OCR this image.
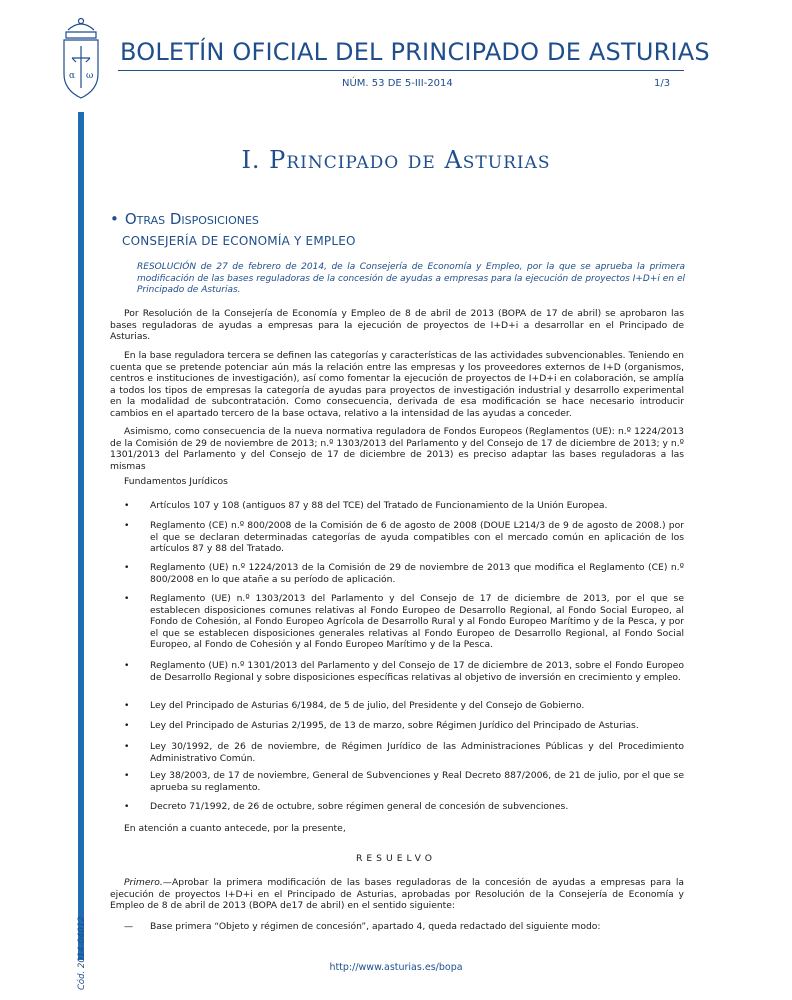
α ω
BOLETÍN OFICIAL DEL PRINCIPADO DE ASTURIAS
NÚM. 53 DE 5-III-2014	1/3
Cód. 2014-04012
I. Principado de Asturias
• Otras Disposiciones
CONSEJERÍA DE ECONOMÍA Y EMPLEO
RESOLUCIÓN de 27 de febrero de 2014, de la Consejería de Economía y Empleo, por la que se aprueba la primera modificación de las bases reguladoras de la concesión de ayudas a empresas para la ejecución de proyectos I+D+i en el Principado de Asturias.

Por Resolución de la Consejería de Economía y Empleo de 8 de abril de 2013 (BOPA de 17 de abril) se aprobaron las bases reguladoras de ayudas a empresas para la ejecución de proyectos de I+D+i a desarrollar en el Principado de Asturias.

En la base reguladora tercera se definen las categorías y características de las actividades subvencionables. Teniendo en cuenta que se pretende potenciar aún más la relación entre las empresas y los proveedores externos de I+D (organismos, centros e instituciones de investigación), así como fomentar la ejecución de proyectos de I+D+i en colaboración, se amplía a todos los tipos de empresas la categoría de ayudas para proyectos de investigación industrial y desarrollo experimental en la modalidad de subcontratación. Como consecuencia, derivada de esa modificación se hace necesario introducir cambios en el apartado tercero de la base octava, relativo a la intensidad de las ayudas a conceder.

Asimismo, como consecuencia de la nueva normativa reguladora de Fondos Europeos (Reglamentos (UE): n.º 1224/2013 de la Comisión de 29 de noviembre de 2013; n.º 1303/2013 del Parlamento y del Consejo de 17 de diciembre de 2013; y n.º 1301/2013 del Parlamento y del Consejo de 17 de diciembre de 2013) es preciso adaptar las bases reguladoras a las mismas

Fundamentos Jurídicos

• Artículos 107 y 108 (antiguos 87 y 88 del TCE) del Tratado de Funcionamiento de la Unión Europea.
• Reglamento (CE) n.º 800/2008 de la Comisión de 6 de agosto de 2008 (DOUE L214/3 de 9 de agosto de 2008.) por el que se declaran determinadas categorías de ayuda compatibles con el mercado común en aplicación de los artículos 87 y 88 del Tratado.
• Reglamento (UE) n.º 1224/2013 de la Comisión de 29 de noviembre de 2013 que modifica el Reglamento (CE) n.º 800/2008 en lo que atañe a su período de aplicación.
• Reglamento (UE) n.º 1303/2013 del Parlamento y del Consejo de 17 de diciembre de 2013, por el que se establecen disposiciones comunes relativas al Fondo Europeo de Desarrollo Regional, al Fondo Social Europeo, al Fondo de Cohesión, al Fondo Europeo Agrícola de Desarrollo Rural y al Fondo Europeo Marítimo y de la Pesca, y por el que se establecen disposiciones generales relativas al Fondo Europeo de Desarrollo Regional, al Fondo Social Europeo, al Fondo de Cohesión y al Fondo Europeo Marítimo y de la Pesca.
• Reglamento (UE) n.º 1301/2013 del Parlamento y del Consejo de 17 de diciembre de 2013, sobre el Fondo Europeo de Desarrollo Regional y sobre disposiciones específicas relativas al objetivo de inversión en crecimiento y empleo.
• Ley del Principado de Asturias 6/1984, de 5 de julio, del Presidente y del Consejo de Gobierno.
• Ley del Principado de Asturias 2/1995, de 13 de marzo, sobre Régimen Jurídico del Principado de Asturias.
• Ley 30/1992, de 26 de noviembre, de Régimen Jurídico de las Administraciones Públicas y del Procedimiento Administrativo Común.
• Ley 38/2003, de 17 de noviembre, General de Subvenciones y Real Decreto 887/2006, de 21 de julio, por el que se aprueba su reglamento.
• Decreto 71/1992, de 26 de octubre, sobre régimen general de concesión de subvenciones.

En atención a cuanto antecede, por la presente,

RESUELVO

Primero.—Aprobar la primera modificación de las bases reguladoras de la concesión de ayudas a empresas para la ejecución de proyectos I+D+i en el Principado de Asturias, aprobadas por Resolución de la Consejería de Economía y Empleo de 8 de abril de 2013 (BOPA de17 de abril) en el sentido siguiente:

— Base primera “Objeto y régimen de concesión”, apartado 4, queda redactado del siguiente modo:
http://www.asturias.es/bopa
